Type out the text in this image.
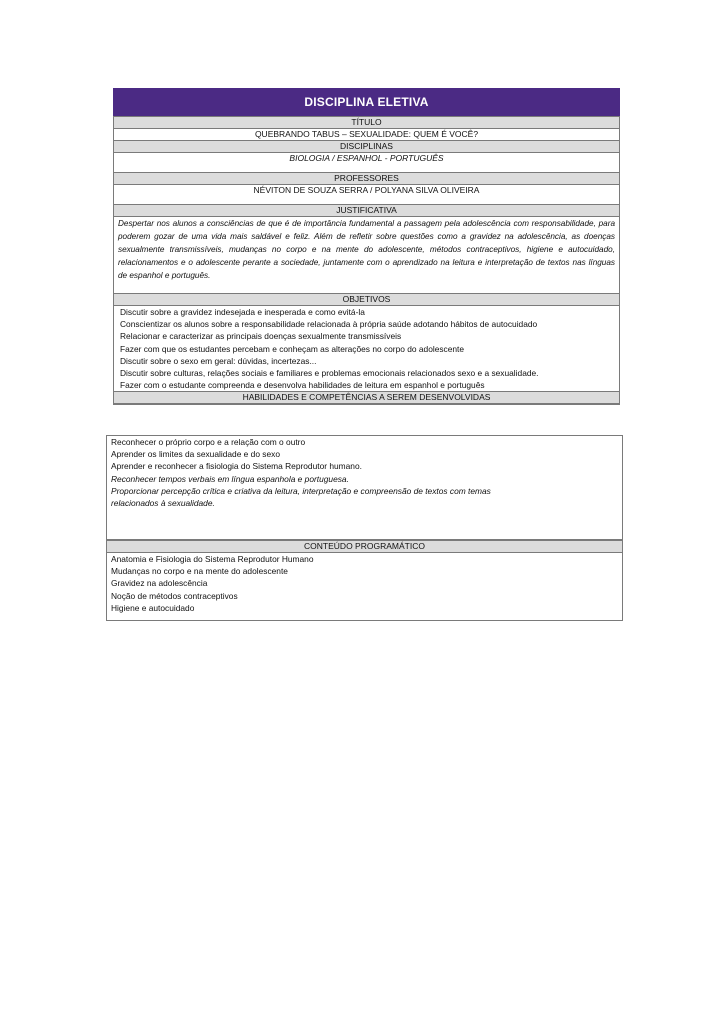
DISCIPLINA ELETIVA
TÍTULO
QUEBRANDO TABUS – SEXUALIDADE: QUEM É VOCÊ?
DISCIPLINAS
BIOLOGIA / ESPANHOL - PORTUGUÊS
PROFESSORES
NÉVITON DE SOUZA SERRA / POLYANA SILVA OLIVEIRA
JUSTIFICATIVA
Despertar nos alunos a consciências de que é de importância fundamental a passagem pela adolescência com responsabilidade, para poderem gozar de uma vida mais saldável e feliz. Além de refletir sobre questões como a gravidez na adolescência, as doenças sexualmente transmissíveis, mudanças no corpo e na mente do adolescente, métodos contraceptivos, higiene e autocuidado, relacionamentos e o adolescente perante a sociedade, juntamente com o aprendizado na leitura e interpretação de textos nas línguas de espanhol e português.
OBJETIVOS
Discutir sobre a gravidez indesejada e inesperada e como evitá-la
Conscientizar os alunos sobre a responsabilidade relacionada à própria saúde adotando hábitos de autocuidado
Relacionar e caracterizar as principais doenças sexualmente transmissíveis
Fazer com que os estudantes percebam e conheçam as alterações no corpo do adolescente
Discutir sobre o sexo em geral: dúvidas, incertezas...
Discutir sobre culturas, relações sociais e familiares e problemas emocionais relacionados sexo e a sexualidade.
Fazer com o estudante compreenda e desenvolva habilidades de leitura em espanhol e português
HABILIDADES E COMPETÊNCIAS A SEREM DESENVOLVIDAS
Reconhecer o próprio corpo e a relação com o outro
Aprender os limites da sexualidade e do sexo
Aprender e reconhecer a fisiologia do Sistema Reprodutor humano.
Reconhecer tempos verbais em língua espanhola e portuguesa.
Proporcionar percepção crítica e criativa da leitura, interpretação e compreensão de textos com temas
relacionados à sexualidade.
CONTEÚDO PROGRAMÁTICO
Anatomia e Fisiologia do Sistema Reprodutor Humano
Mudanças no corpo e na mente do adolescente
Gravidez na adolescência
Noção de métodos contraceptivos
Higiene e autocuidado
